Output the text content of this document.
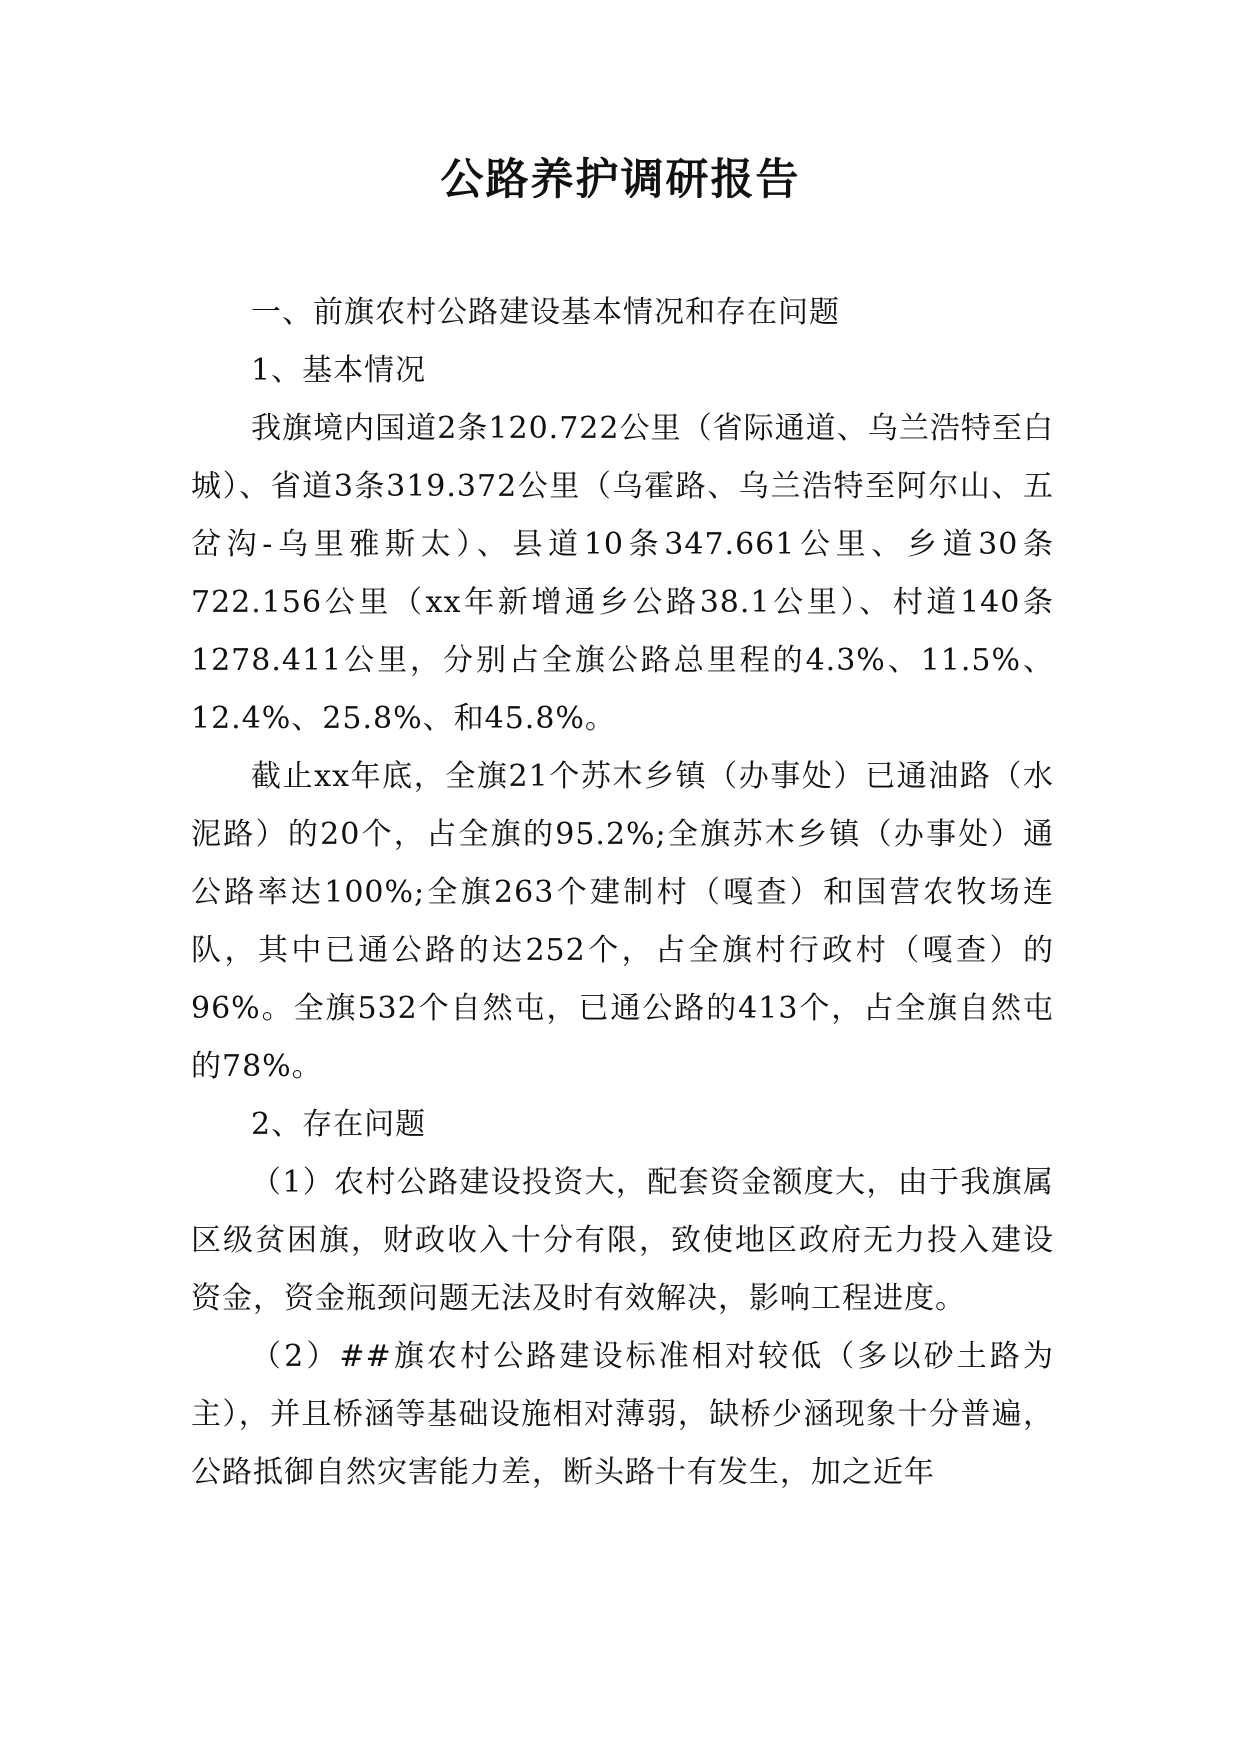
公路养护调研报告

一、前旗农村公路建设基本情况和存在问题

1、基本情况

我旗境内国道2条120.722公里（省际通道、乌兰浩特至白城）、省道3条319.372公里（乌霍路、乌兰浩特至阿尔山、五岔沟-乌里雅斯太）、县道10条347.661公里、乡道30条722.156公里（xx年新增通乡公路38.1公里）、村道140条1278.411公里，分别占全旗公路总里程的4.3%、11.5%、12.4%、25.8%、和45.8%。

截止xx年底，全旗21个苏木乡镇（办事处）已通油路（水泥路）的20个，占全旗的95.2%;全旗苏木乡镇（办事处）通公路率达100%;全旗263个建制村（嘎查）和国营农牧场连队，其中已通公路的达252个，占全旗村行政村（嘎查）的96%。全旗532个自然屯，已通公路的413个，占全旗自然屯的78%。

2、存在问题

（1）农村公路建设投资大，配套资金额度大，由于我旗属区级贫困旗，财政收入十分有限，致使地区政府无力投入建设资金，资金瓶颈问题无法及时有效解决，影响工程进度。

（2）##旗农村公路建设标准相对较低（多以砂土路为主），并且桥涵等基础设施相对薄弱，缺桥少涵现象十分普遍，公路抵御自然灾害能力差，断头路十有发生，加之近年
